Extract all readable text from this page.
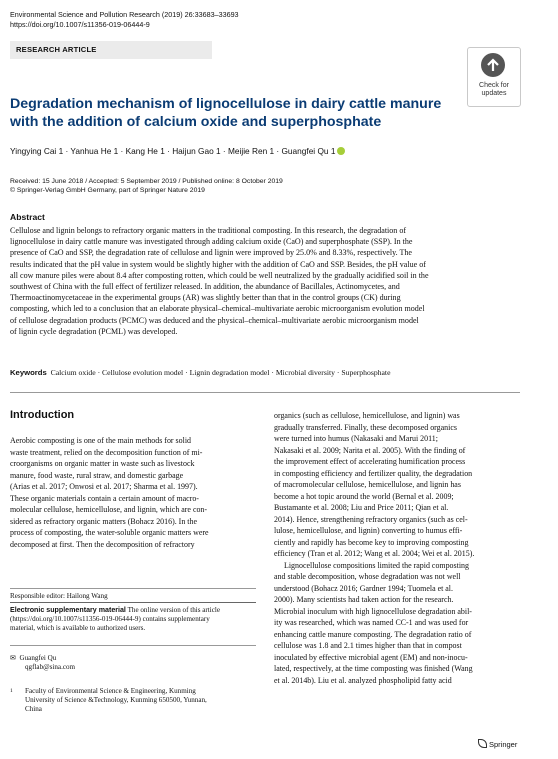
Environmental Science and Pollution Research (2019) 26:33683–33693
https://doi.org/10.1007/s11356-019-06444-9
RESEARCH ARTICLE
Check for
updates
Degradation mechanism of lignocellulose in dairy cattle manure
with the addition of calcium oxide and superphosphate
Yingying Cai 1 · Yanhua He 1 · Kang He 1 · Haijun Gao 1 · Meijie Ren 1 · Guangfei Qu 1
Received: 15 June 2018 / Accepted: 5 September 2019 / Published online: 8 October 2019
© Springer-Verlag GmbH Germany, part of Springer Nature 2019
Abstract
Cellulose and lignin belongs to refractory organic matters in the traditional composting. In this research, the degradation of
lignocellulose in dairy cattle manure was investigated through adding calcium oxide (CaO) and superphosphate (SSP). In the
presence of CaO and SSP, the degradation rate of cellulose and lignin were improved by 25.0% and 8.33%, respectively. The
results indicated that the pH value in system would be slightly higher with the addition of CaO and SSP. Besides, the pH value of
all cow manure piles were about 8.4 after composting rotten, which could be well neutralized by the gradually acidified soil in the
southwest of China with the full effect of fertilizer released. In addition, the abundance of Bacillales, Actinomycetes, and
Thermoactinomycetaceae in the experimental groups (AR) was slightly better than that in the control groups (CK) during
composting, which led to a conclusion that an elaborate physical–chemical–multivariate aerobic microorganism evolution model
of cellulose degradation products (PCMC) was deduced and the physical–chemical–multivariate aerobic microorganism model
of lignin cycle degradation (PCML) was developed.
Keywords Calcium oxide · Cellulose evolution model · Lignin degradation model · Microbial diversity · Superphosphate
Introduction
Aerobic composting is one of the main methods for solid
waste treatment, relied on the decomposition function of mi-
croorganisms on organic matter in waste such as livestock
manure, food waste, rural straw, and domestic garbage
(Arias et al. 2017; Onwosi et al. 2017; Sharma et al. 1997).
These organic materials contain a certain amount of macro-
molecular cellulose, hemicellulose, and lignin, which are con-
sidered as refractory organic matters (Bohacz 2016). In the
process of composting, the water-soluble organic matters were
decomposed at first. Then the decomposition of refractory
organics (such as cellulose, hemicellulose, and lignin) was
gradually transferred. Finally, these decomposed organics
were turned into humus (Nakasaki and Marui 2011;
Nakasaki et al. 2009; Narita et al. 2005). With the finding of
the improvement effect of accelerating humification process
in composting efficiency and fertilizer quality, the degradation
of macromolecular cellulose, hemicellulose, and lignin has
become a hot topic around the world (Bernal et al. 2009;
Bustamante et al. 2008; Liu and Price 2011; Qian et al.
2014). Hence, strengthening refractory organics (such as cel-
lulose, hemicellulose, and lignin) converting to humus effi-
ciently and rapidly has become key to improving composting
efficiency (Tran et al. 2012; Wang et al. 2004; Wei et al. 2015).
Lignocellulose compositions limited the rapid composting
and stable decomposition, whose degradation was not well
understood (Bohacz 2016; Gardner 1994; Tuomela et al.
2000). Many scientists had taken action for the research.
Microbial inoculum with high lignocellulose degradation abil-
ity was researched, which was named CC-1 and was used for
enhancing cattle manure composting. The degradation ratio of
cellulose was 1.8 and 2.1 times higher than that in compost
inoculated by effective microbial agent (EM) and non-inocu-
lated, respectively, at the time composting was finished (Wang
et al. 2014b). Liu et al. analyzed phospholipid fatty acid
Responsible editor: Hailong Wang
Electronic supplementary material The online version of this article
(https://doi.org/10.1007/s11356-019-06444-9) contains supplementary
material, which is available to authorized users.
✉ Guangfei Qu
qgflab@sina.com
1 Faculty of Environmental Science & Engineering, Kunming
University of Science &Technology, Kunming 650500, Yunnan,
China
Springer
